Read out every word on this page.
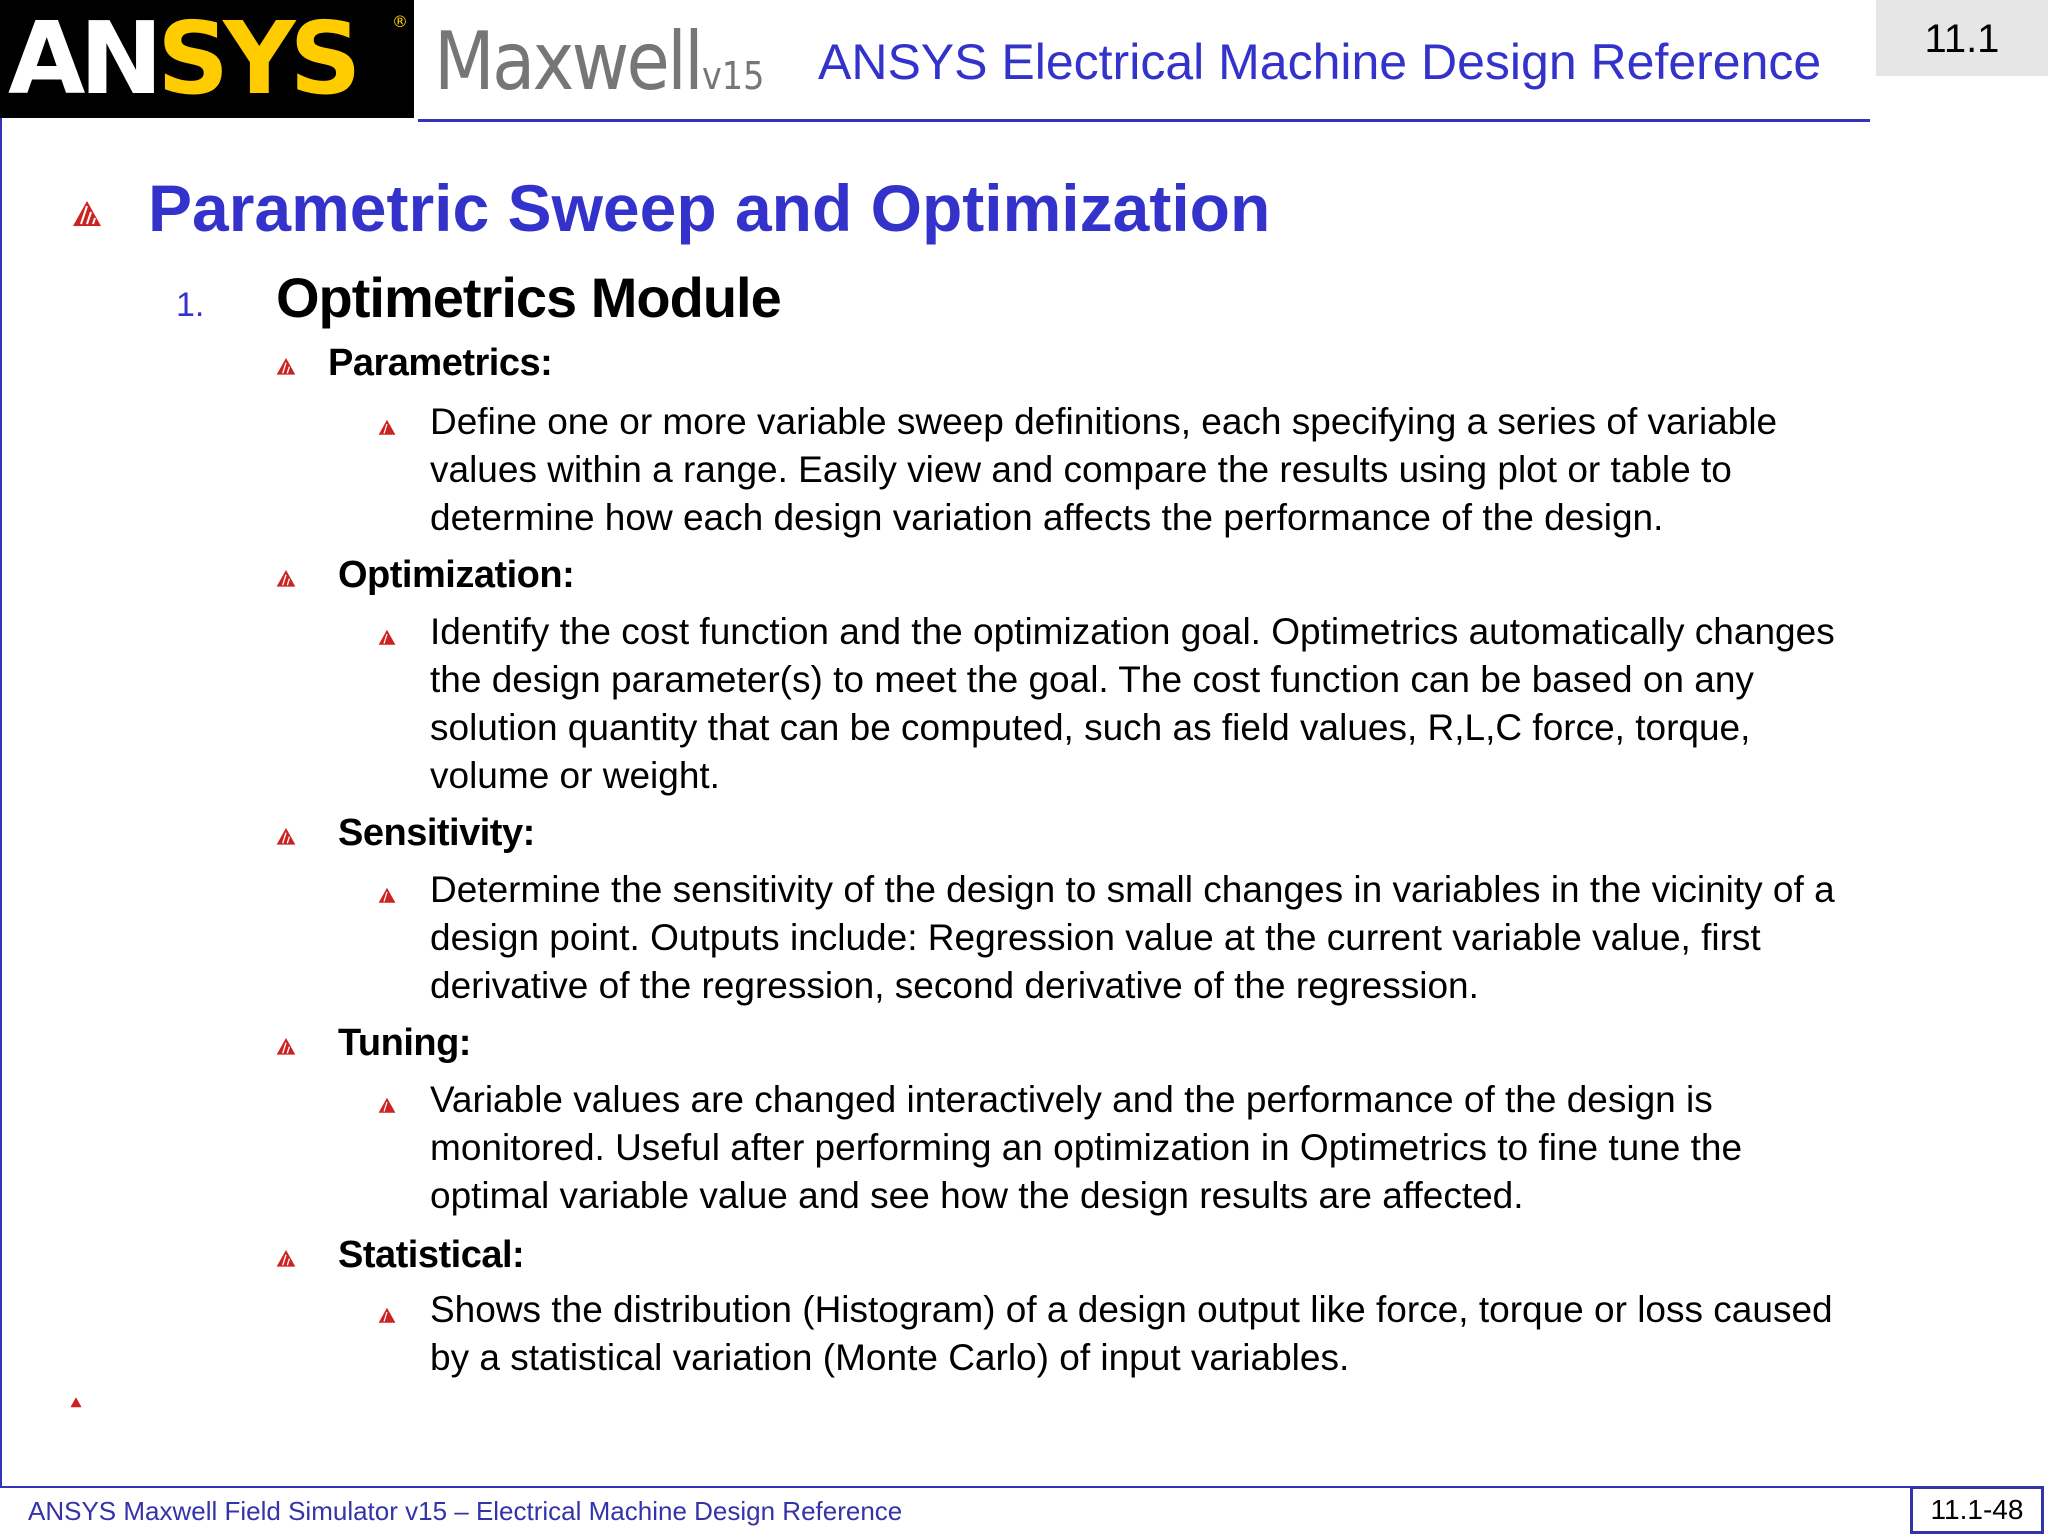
ANSYS ® Maxwell v15 ANSYS Electrical Machine Design Reference	11.1
Parametric Sweep and Optimization
1. Optimetrics Module
Parametrics:
Define one or more variable sweep definitions, each specifying a series of variable
values within a range. Easily view and compare the results using plot or table to
determine how each design variation affects the performance of the design.
Optimization:
Identify the cost function and the optimization goal. Optimetrics automatically changes
the design parameter(s) to meet the goal. The cost function can be based on any
solution quantity that can be computed, such as field values, R,L,C force, torque,
volume or weight.
Sensitivity:
Determine the sensitivity of the design to small changes in variables in the vicinity of a
design point. Outputs include: Regression value at the current variable value, first
derivative of the regression, second derivative of the regression.
Tuning:
Variable values are changed interactively and the performance of the design is
monitored. Useful after performing an optimization in Optimetrics to fine tune the
optimal variable value and see how the design results are affected.
Statistical:
Shows the distribution (Histogram) of a design output like force, torque or loss caused
by a statistical variation (Monte Carlo) of input variables.
ANSYS Maxwell Field Simulator v15 – Electrical Machine Design Reference	11.1-48
